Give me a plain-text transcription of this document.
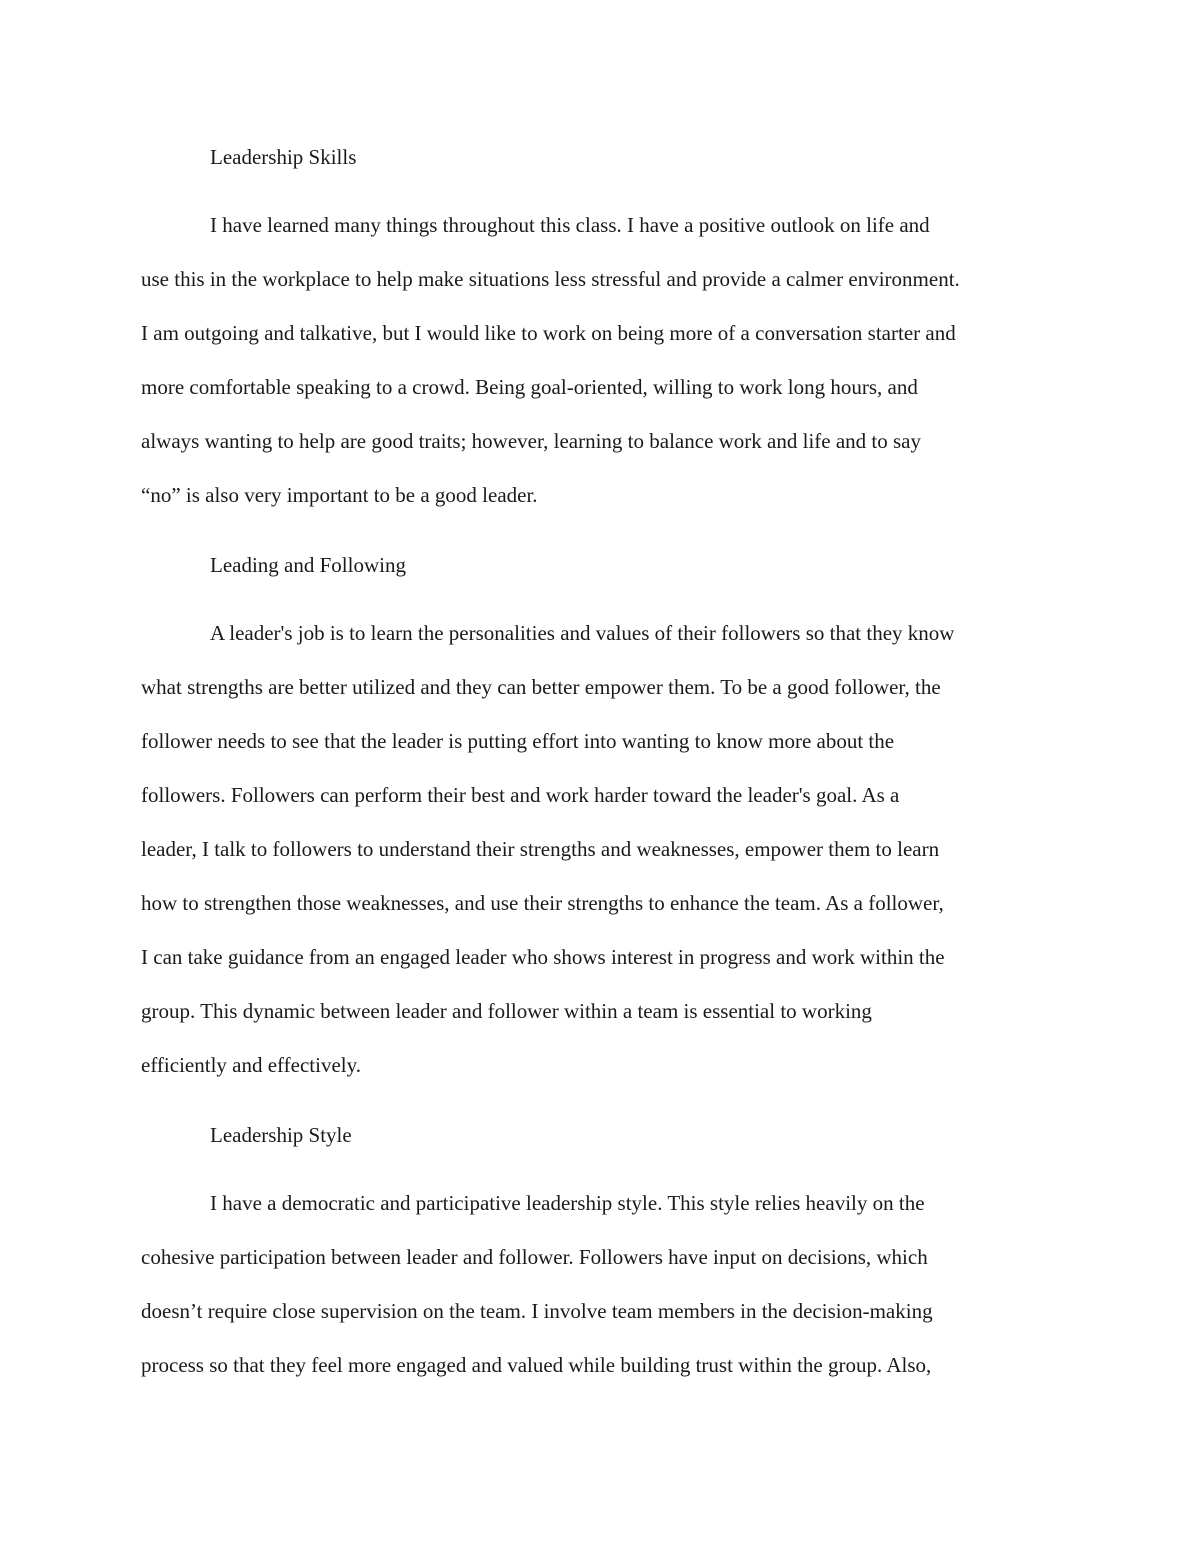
Leadership Skills
I have learned many things throughout this class. I have a positive outlook on life and
use this in the workplace to help make situations less stressful and provide a calmer environment.
I am outgoing and talkative, but I would like to work on being more of a conversation starter and
more comfortable speaking to a crowd. Being goal-oriented, willing to work long hours, and
always wanting to help are good traits; however, learning to balance work and life and to say
“no” is also very important to be a good leader.
Leading and Following
A leader's job is to learn the personalities and values of their followers so that they know
what strengths are better utilized and they can better empower them. To be a good follower, the
follower needs to see that the leader is putting effort into wanting to know more about the
followers. Followers can perform their best and work harder toward the leader's goal. As a
leader, I talk to followers to understand their strengths and weaknesses, empower them to learn
how to strengthen those weaknesses, and use their strengths to enhance the team. As a follower,
I can take guidance from an engaged leader who shows interest in progress and work within the
group. This dynamic between leader and follower within a team is essential to working
efficiently and effectively.
Leadership Style
I have a democratic and participative leadership style. This style relies heavily on the
cohesive participation between leader and follower. Followers have input on decisions, which
doesn’t require close supervision on the team. I involve team members in the decision-making
process so that they feel more engaged and valued while building trust within the group. Also,
